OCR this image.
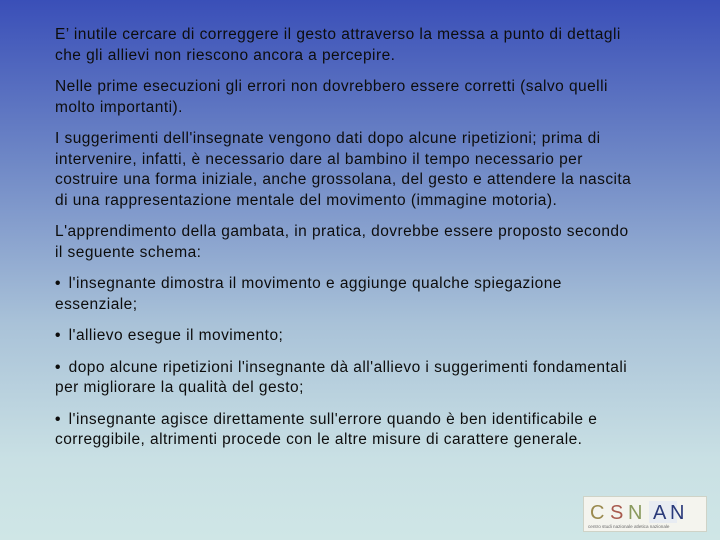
E’ inutile cercare di correggere il gesto attraverso la messa a punto di dettagli che gli allievi non riescono ancora a percepire.

Nelle prime esecuzioni gli errori non dovrebbero essere corretti (salvo quelli molto importanti).

I suggerimenti dell'insegnate vengono dati dopo alcune ripetizioni; prima di intervenire, infatti, è necessario dare al bambino il tempo necessario per costruire una forma iniziale, anche grossolana, del gesto e attendere la nascita di una rappresentazione mentale del movimento (immagine motoria).

L'apprendimento della gambata, in pratica, dovrebbe essere proposto secondo il seguente schema:

• l'insegnante dimostra il movimento e aggiunge qualche spiegazione essenziale;

• l'allievo esegue il movimento;

• dopo alcune ripetizioni l'insegnante dà all'allievo i suggerimenti fondamentali per migliorare la qualità del gesto;

• l'insegnante agisce direttamente sull'errore quando è ben identificabile e correggibile, altrimenti procede con le altre misure di carattere generale.

C S N A N
centro studi nazionale atletica nazionale
